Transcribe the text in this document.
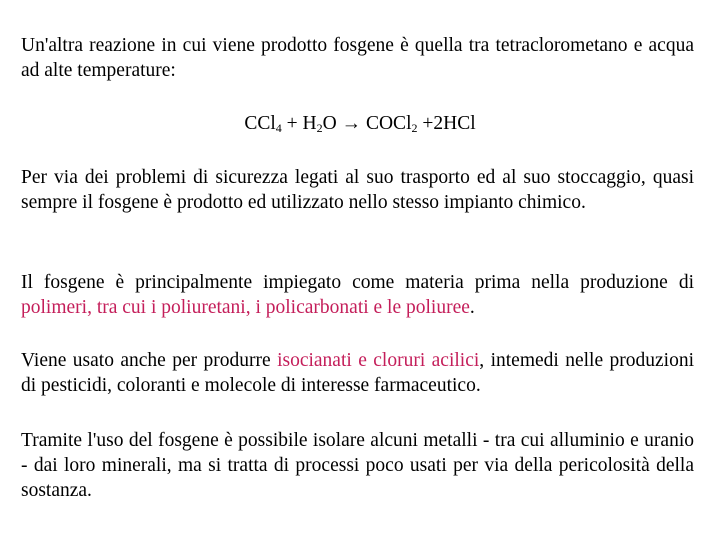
Un'altra reazione in cui viene prodotto fosgene è quella tra tetraclorometano e acqua ad alte temperature:

$CCl_4 + H_2O$ → COCl$_2$ +2HCl

Per via dei problemi di sicurezza legati al suo trasporto ed al suo stoccaggio, quasi sempre il fosgene è prodotto ed utilizzato nello stesso impianto chimico.

Il fosgene è principalmente impiegato come materia prima nella produzione di polimeri, tra cui i poliuretani, i policarbonati e le poliuree.

Viene usato anche per produrre isocianati e cloruri acilici, intemedi nelle produzioni di pesticidi, coloranti e molecole di interesse farmaceutico.

Tramite l'uso del fosgene è possibile isolare alcuni metalli - tra cui alluminio e uranio - dai loro minerali, ma si tratta di processi poco usati per via della pericolosità della sostanza.
